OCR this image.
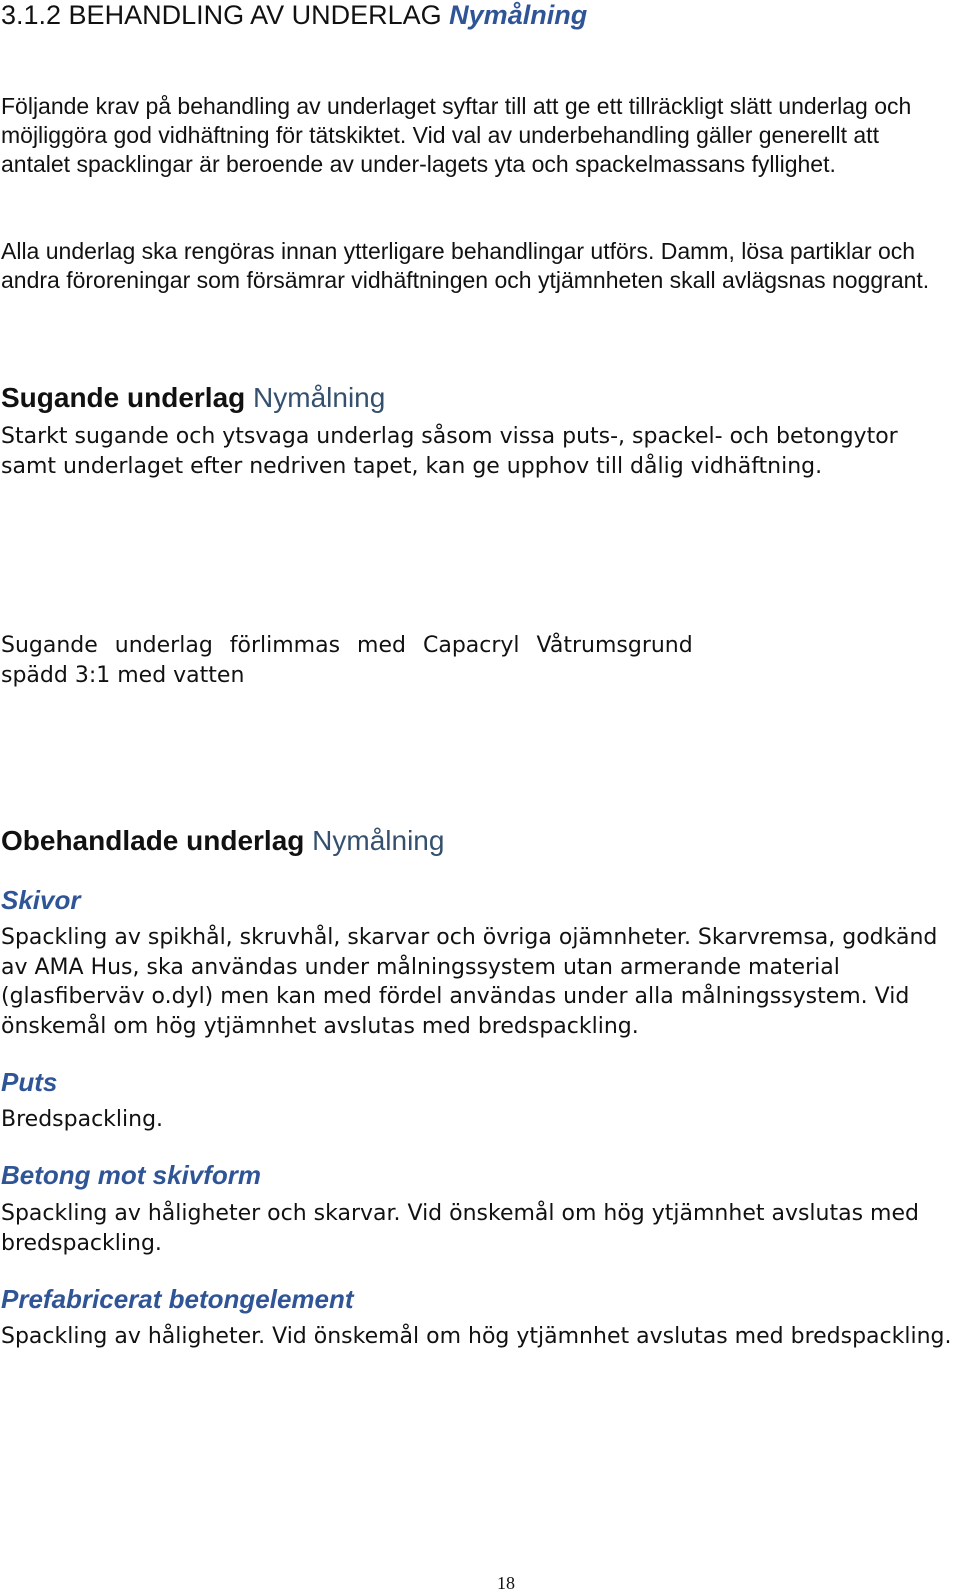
3.1.2 BEHANDLING AV UNDERLAG Nymålning

Följande krav på behandling av underlaget syftar till att ge ett tillräckligt slätt underlag och möjliggöra god vidhäftning för tätskiktet. Vid val av underbehandling gäller generellt att antalet spacklingar är beroende av under-lagets yta och spackelmassans fyllighet.

Alla underlag ska rengöras innan ytterligare behandlingar utförs. Damm, lösa partiklar och andra föroreningar som försämrar vidhäftningen och ytjämnheten skall avlägsnas noggrant.

Sugande underlag Nymålning

Starkt sugande och ytsvaga underlag såsom vissa puts-, spackel- och betongytor samt underlaget efter nedriven tapet, kan ge upphov till dålig vidhäftning.

Sugande underlag förlimmas med Capacryl Våtrumsgrund

spädd 3:1 med vatten

Obehandlade underlag Nymålning
Skivor

Spackling av spikhål, skruvhål, skarvar och övriga ojämnheter. Skarvremsa, godkänd av AMA Hus, ska användas under målningssystem utan armerande material (glasfiberväv o.dyl) men kan med fördel användas under alla målningssystem. Vid önskemål om hög ytjämnhet avslutas med bredspackling.

Puts

Bredspackling.

Betong mot skivform

Spackling av håligheter och skarvar. Vid önskemål om hög ytjämnhet avslutas med bredspackling.

Prefabricerat betongelement

Spackling av håligheter. Vid önskemål om hög ytjämnhet avslutas med bredspackling.

18
